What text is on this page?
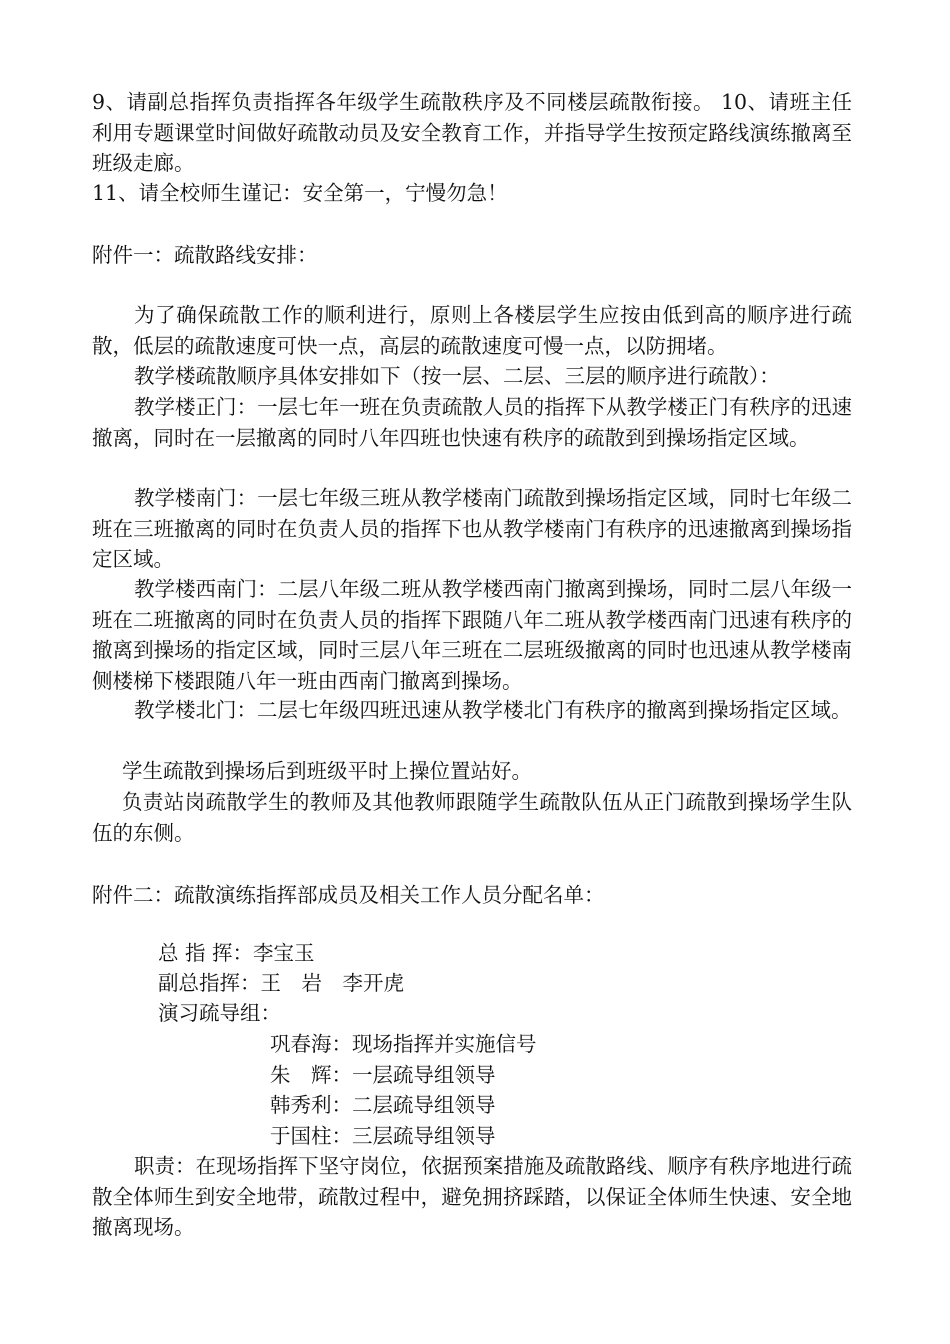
9、请副总指挥负责指挥各年级学生疏散秩序及不同楼层疏散衔接。 10、请班主任利用专题课堂时间做好疏散动员及安全教育工作，并指导学生按预定路线演练撤离至班级走廊。

11、请全校师生谨记：安全第一，宁慢勿急！

附件一：疏散路线安排：

为了确保疏散工作的顺利进行，原则上各楼层学生应按由低到高的顺序进行疏散，低层的疏散速度可快一点，高层的疏散速度可慢一点，以防拥堵。

教学楼疏散顺序具体安排如下（按一层、二层、三层的顺序进行疏散）：

教学楼正门：一层七年一班在负责疏散人员的指挥下从教学楼正门有秩序的迅速撤离，同时在一层撤离的同时八年四班也快速有秩序的疏散到到操场指定区域。

教学楼南门：一层七年级三班从教学楼南门疏散到操场指定区域，同时七年级二班在三班撤离的同时在负责人员的指挥下也从教学楼南门有秩序的迅速撤离到操场指定区域。

教学楼西南门：二层八年级二班从教学楼西南门撤离到操场，同时二层八年级一班在二班撤离的同时在负责人员的指挥下跟随八年二班从教学楼西南门迅速有秩序的撤离到操场的指定区域，同时三层八年三班在二层班级撤离的同时也迅速从教学楼南侧楼梯下楼跟随八年一班由西南门撤离到操场。

教学楼北门：二层七年级四班迅速从教学楼北门有秩序的撤离到操场指定区域。

学生疏散到操场后到班级平时上操位置站好。

负责站岗疏散学生的教师及其他教师跟随学生疏散队伍从正门疏散到操场学生队伍的东侧。

附件二：疏散演练指挥部成员及相关工作人员分配名单：

总 指 挥：李宝玉
副总指挥：王　岩　李开虎
演习疏导组：
巩春海：现场指挥并实施信号
朱　辉：一层疏导组领导
韩秀利：二层疏导组领导
于国柱：三层疏导组领导

职责：在现场指挥下坚守岗位，依据预案措施及疏散路线、顺序有秩序地进行疏散全体师生到安全地带，疏散过程中，避免拥挤踩踏，以保证全体师生快速、安全地撤离现场。
